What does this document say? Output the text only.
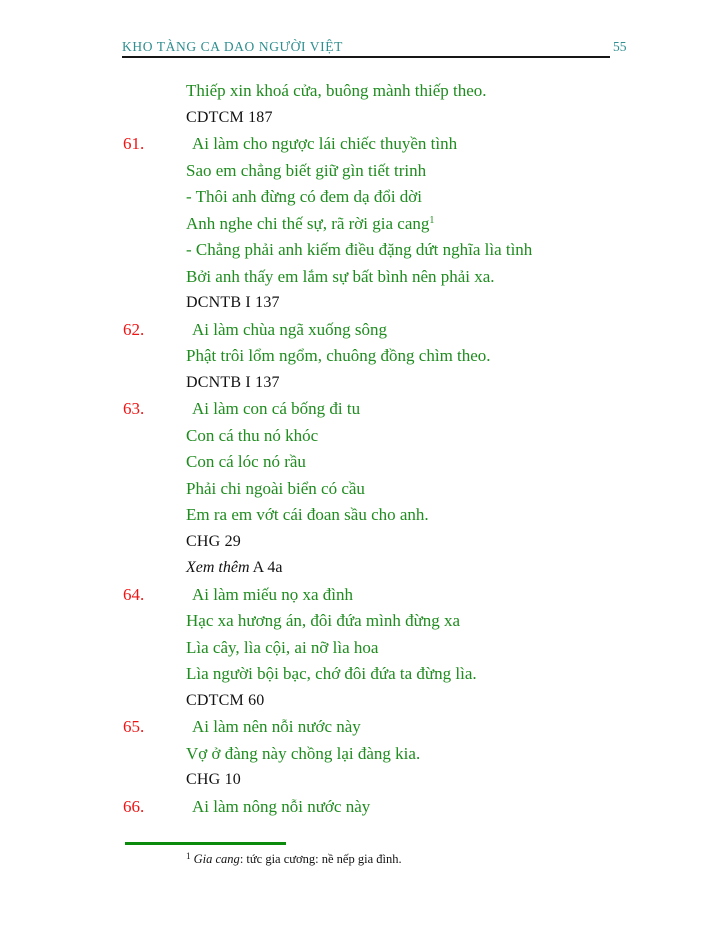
KHO TÀNG CA DAO NGƯỜI VIỆT	55
Thiếp xin khoá cửa, buông mành thiếp theo.
CDTCM 187
61.	Ai làm cho ngược lái chiếc thuyền tình
Sao em chẳng biết giữ gìn tiết trinh
- Thôi anh đừng có đem dạ đổi dời
Anh nghe chi thế sự, rã rời gia cang$^1$
- Chẳng phải anh kiếm điều đặng dứt nghĩa lìa tình
Bởi anh thấy em lắm sự bất bình nên phải xa.
DCNTB I 137
62.	Ai làm chùa ngã xuống sông
Phật trôi lổm ngổm, chuông đồng chìm theo.
DCNTB I 137
63.	Ai làm con cá bống đi tu
Con cá thu nó khóc
Con cá lóc nó rầu
Phải chi ngoài biển có cầu
Em ra em vớt cái đoan sầu cho anh.
CHG 29
Xem thêm A 4a
64.	Ai làm miếu nọ xa đình
Hạc xa hương án, đôi đứa mình đừng xa
Lìa cây, lìa cội, ai nỡ lìa hoa
Lìa người bội bạc, chớ đôi đứa ta đừng lìa.
CDTCM 60
65.	Ai làm nên nỗi nước này
Vợ ở đàng này chồng lại đàng kia.
CHG 10
66.	Ai làm nông nỗi nước này
$^1$ Gia cang: tức gia cương: nề nếp gia đình.
